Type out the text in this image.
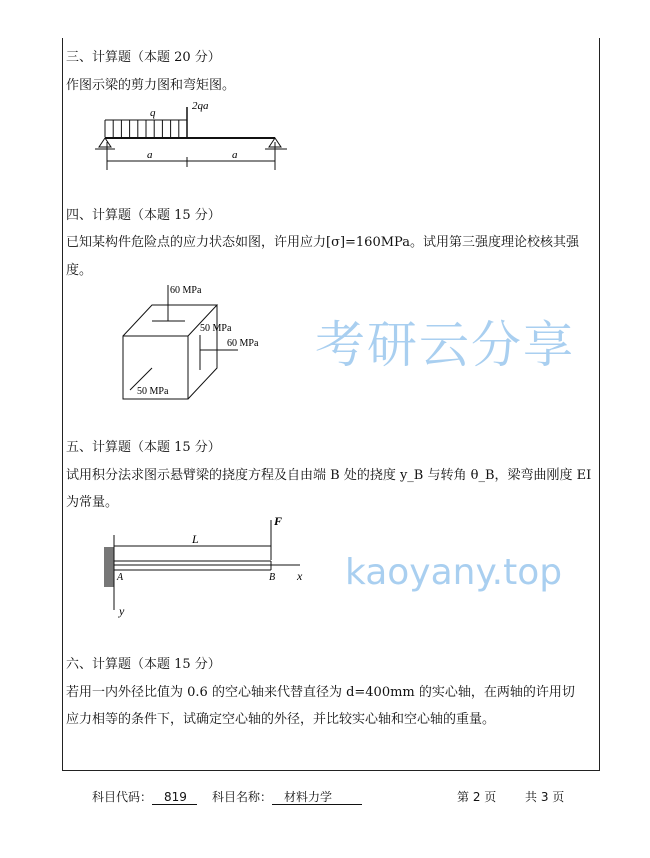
考研云分享
kaoyany.top
三、计算题（本题 20 分）
作图示梁的剪力图和弯矩图。
q
2qa
a	a
四、计算题（本题 15 分）
已知某构件危险点的应力状态如图，许用应力[σ]=160MPa。试用第三强度理论校核其强
度。
60 MPa
50 MPa
60 MPa
50 MPa
五、计算题（本题 15 分）
试用积分法求图示悬臂梁的挠度方程及自由端 B 处的挠度 y_B 与转角 θ_B，梁弯曲刚度 EI
为常量。
F
L
A	B x
y
六、计算题（本题 15 分）
若用一内外径比值为 0.6 的空心轴来代替直径为 d=400mm 的实心轴，在两轴的许用切
应力相等的条件下，试确定空心轴的外径，并比较实心轴和空心轴的重量。
科目代码： 819	科目名称： 材料力学	第 2 页 共 3 页
